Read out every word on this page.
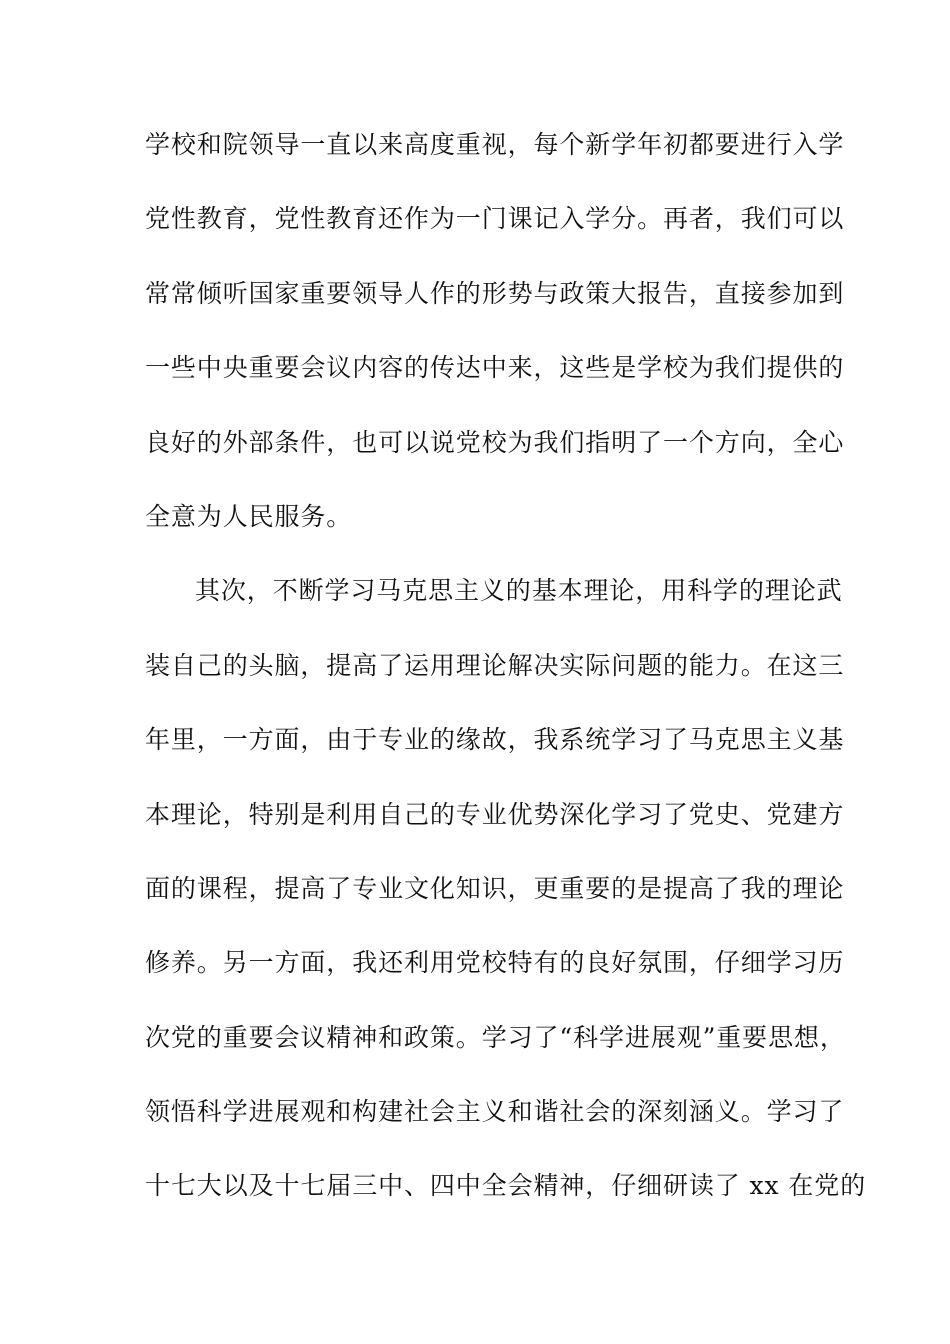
学校和院领导一直以来高度重视，每个新学年初都要进行入学
党性教育，党性教育还作为一门课记入学分。再者，我们可以
常常倾听国家重要领导人作的形势与政策大报告，直接参加到
一些中央重要会议内容的传达中来，这些是学校为我们提供的
良好的外部条件，也可以说党校为我们指明了一个方向，全心
全意为人民服务。
其次，不断学习马克思主义的基本理论，用科学的理论武
装自己的头脑，提高了运用理论解决实际问题的能力。在这三
年里，一方面，由于专业的缘故，我系统学习了马克思主义基
本理论，特别是利用自己的专业优势深化学习了党史、党建方
面的课程，提高了专业文化知识，更重要的是提高了我的理论
修养。另一方面，我还利用党校特有的良好氛围，仔细学习历
次党的重要会议精神和政策。学习了“科学进展观”重要思想，
领悟科学进展观和构建社会主义和谐社会的深刻涵义。学习了
十七大以及十七届三中、四中全会精神，仔细研读了 xx 在党的
